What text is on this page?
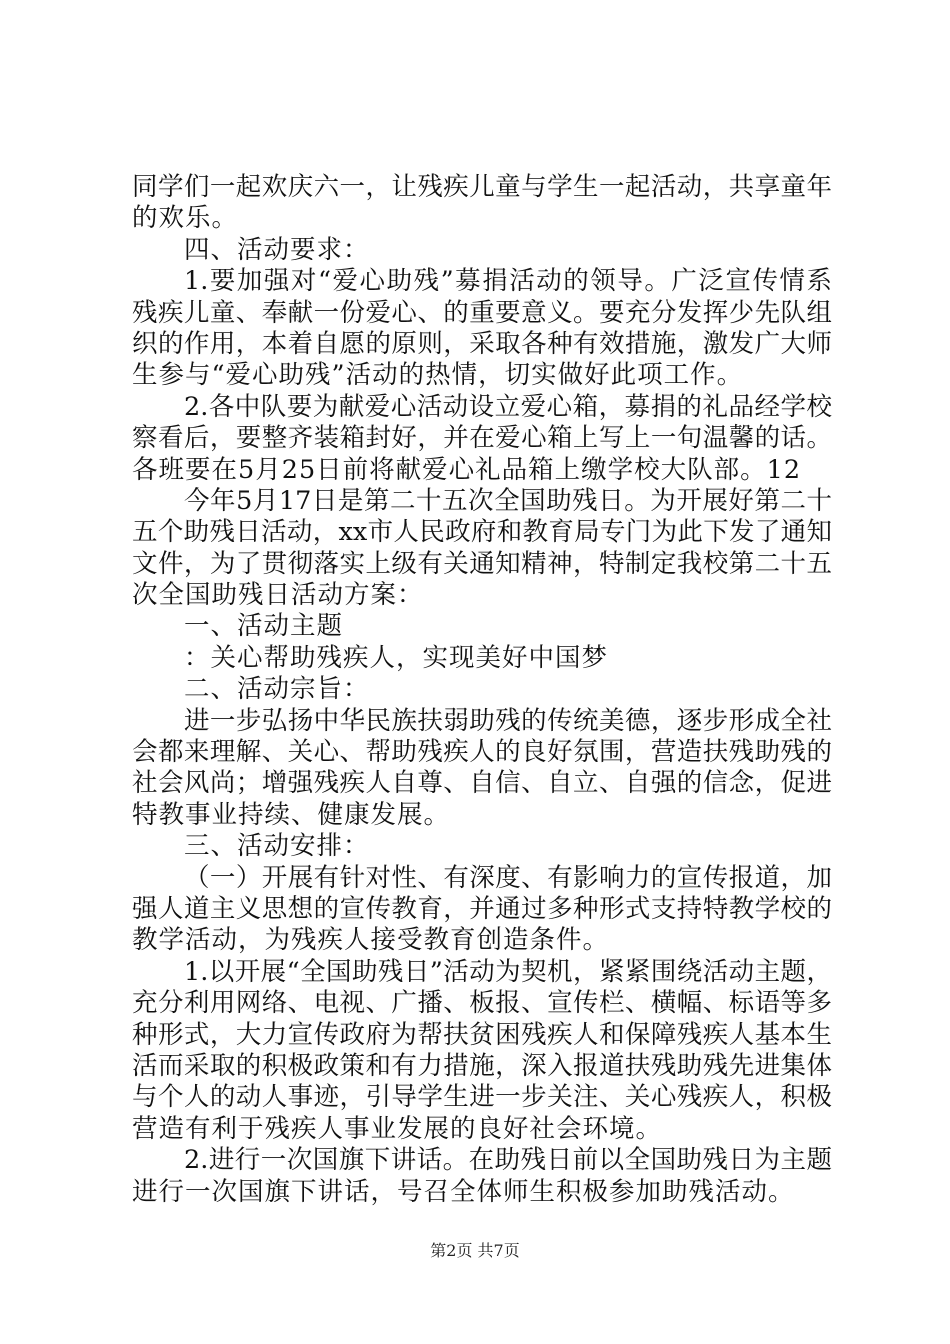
同学们一起欢庆六一，让残疾儿童与学生一起活动，共享童年
的欢乐。
四、活动要求：
1.要加强对“爱心助残”募捐活动的领导。广泛宣传情系
残疾儿童、奉献一份爱心、的重要意义。要充分发挥少先队组
织的作用，本着自愿的原则，采取各种有效措施，激发广大师
生参与“爱心助残”活动的热情，切实做好此项工作。
2.各中队要为献爱心活动设立爱心箱，募捐的礼品经学校
察看后，要整齐装箱封好，并在爱心箱上写上一句温馨的话。
各班要在5月25日前将献爱心礼品箱上缴学校大队部。12
今年5月17日是第二十五次全国助残日。为开展好第二十
五个助残日活动，xx市人民政府和教育局专门为此下发了通知
文件，为了贯彻落实上级有关通知精神，特制定我校第二十五
次全国助残日活动方案：
一、活动主题
：关心帮助残疾人，实现美好中国梦
二、活动宗旨：
进一步弘扬中华民族扶弱助残的传统美德，逐步形成全社
会都来理解、关心、帮助残疾人的良好氛围，营造扶残助残的
社会风尚；增强残疾人自尊、自信、自立、自强的信念，促进
特教事业持续、健康发展。
三、活动安排：
（一）开展有针对性、有深度、有影响力的宣传报道，加
强人道主义思想的宣传教育，并通过多种形式支持特教学校的
教学活动，为残疾人接受教育创造条件。
1.以开展“全国助残日”活动为契机，紧紧围绕活动主题，
充分利用网络、电视、广播、板报、宣传栏、横幅、标语等多
种形式，大力宣传政府为帮扶贫困残疾人和保障残疾人基本生
活而采取的积极政策和有力措施，深入报道扶残助残先进集体
与个人的动人事迹，引导学生进一步关注、关心残疾人，积极
营造有利于残疾人事业发展的良好社会环境。
2.进行一次国旗下讲话。在助残日前以全国助残日为主题
进行一次国旗下讲话，号召全体师生积极参加助残活动。
第2页 共7页
